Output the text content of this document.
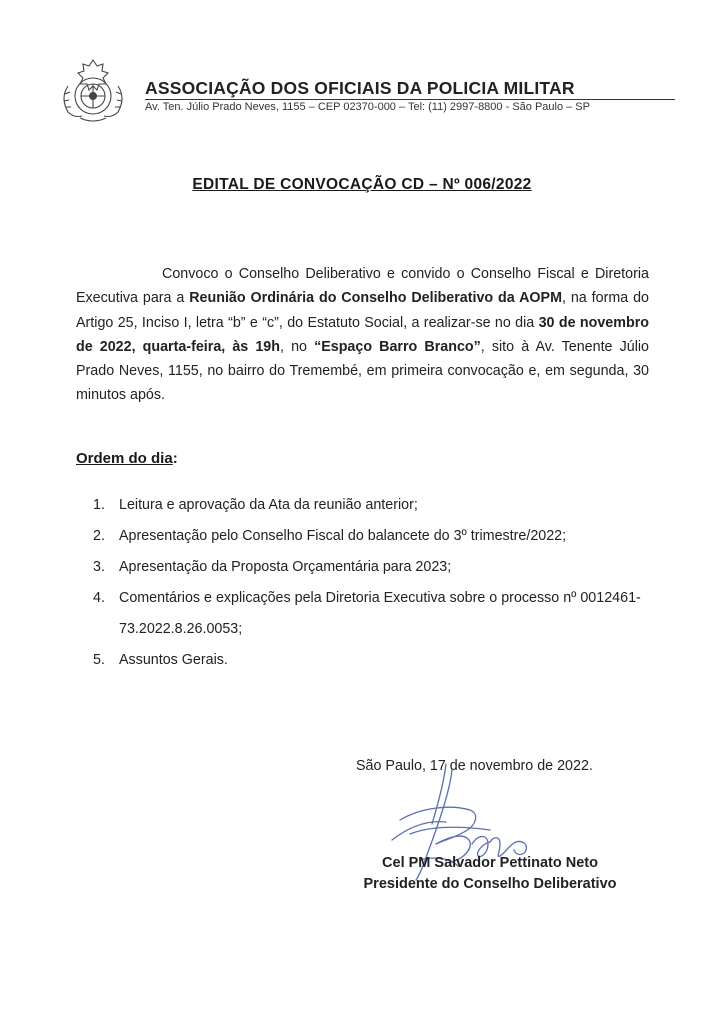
ASSOCIAÇÃO DOS OFICIAIS DA POLICIA MILITAR
Av. Ten. Júlio Prado Neves, 1155 – CEP 02370-000 – Tel: (11) 2997-8800 - São Paulo – SP
EDITAL DE CONVOCAÇÃO CD – Nº 006/2022
Convoco o Conselho Deliberativo e convido o Conselho Fiscal e Diretoria Executiva para a Reunião Ordinária do Conselho Deliberativo da AOPM, na forma do Artigo 25, Inciso I, letra “b” e “c”, do Estatuto Social, a realizar-se no dia 30 de novembro de 2022, quarta-feira, às 19h, no “Espaço Barro Branco”, sito à Av. Tenente Júlio Prado Neves, 1155, no bairro do Tremembé, em primeira convocação e, em segunda, 30 minutos após.
Ordem do dia:
1. Leitura e aprovação da Ata da reunião anterior;
2. Apresentação pelo Conselho Fiscal do balancete do 3º trimestre/2022;
3. Apresentação da Proposta Orçamentária para 2023;
4. Comentários e explicações pela Diretoria Executiva sobre o processo nº 0012461-73.2022.8.26.0053;
5. Assuntos Gerais.
São Paulo, 17 de novembro de 2022.
Cel PM Salvador Pettinato Neto
Presidente do Conselho Deliberativo
